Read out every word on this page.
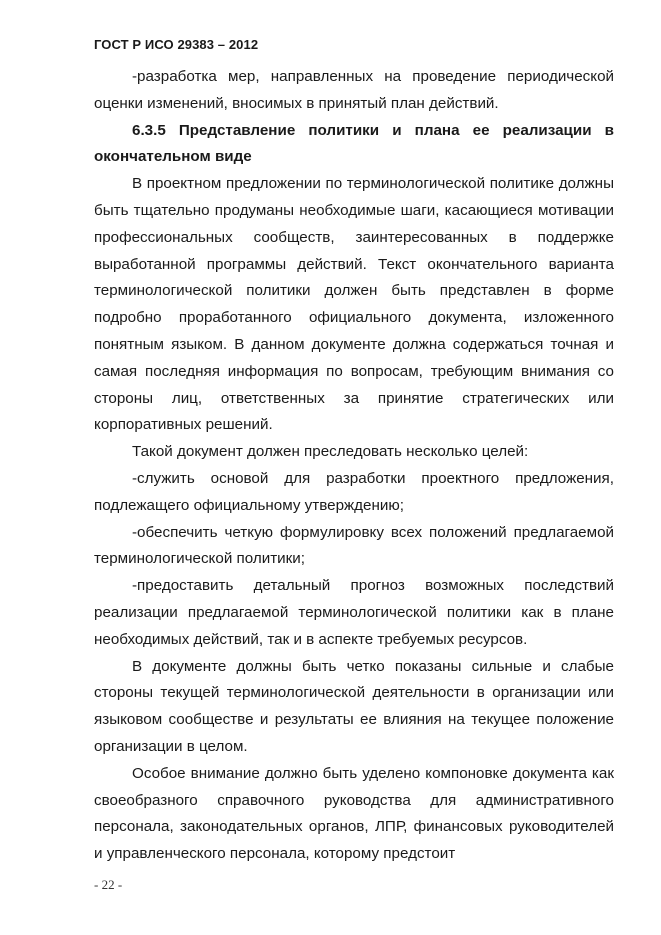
ГОСТ Р ИСО 29383 – 2012

-разработка мер, направленных на проведение периодической оценки изменений, вносимых в принятый план действий.

6.3.5 Представление политики и плана ее реализации в окончательном виде

В проектном предложении по терминологической политике должны быть тщательно продуманы необходимые шаги, касающиеся мотивации профессиональных сообществ, заинтересованных в поддержке выработанной программы действий. Текст окончательного варианта терминологической политики должен быть представлен в форме подробно проработанного официального документа, изложенного понятным языком. В данном документе должна содержаться точная и самая последняя информация по вопросам, требующим внимания со стороны лиц, ответственных за принятие стратегических или корпоративных решений.

Такой документ должен преследовать несколько целей:

-служить основой для разработки проектного предложения, подлежащего официальному утверждению;

-обеспечить четкую формулировку всех положений предлагаемой терминологической политики;

-предоставить детальный прогноз возможных последствий реализации предлагаемой терминологической политики как в плане необходимых действий, так и в аспекте требуемых ресурсов.

В документе должны быть четко показаны сильные и слабые стороны текущей терминологической деятельности в организации или языковом сообществе и результаты ее влияния на текущее положение организации в целом.

Особое внимание должно быть уделено компоновке документа как своеобразного справочного руководства для административного персонала, законодательных органов, ЛПР, финансовых руководителей и управленческого персонала, которому предстоит

- 22 -
